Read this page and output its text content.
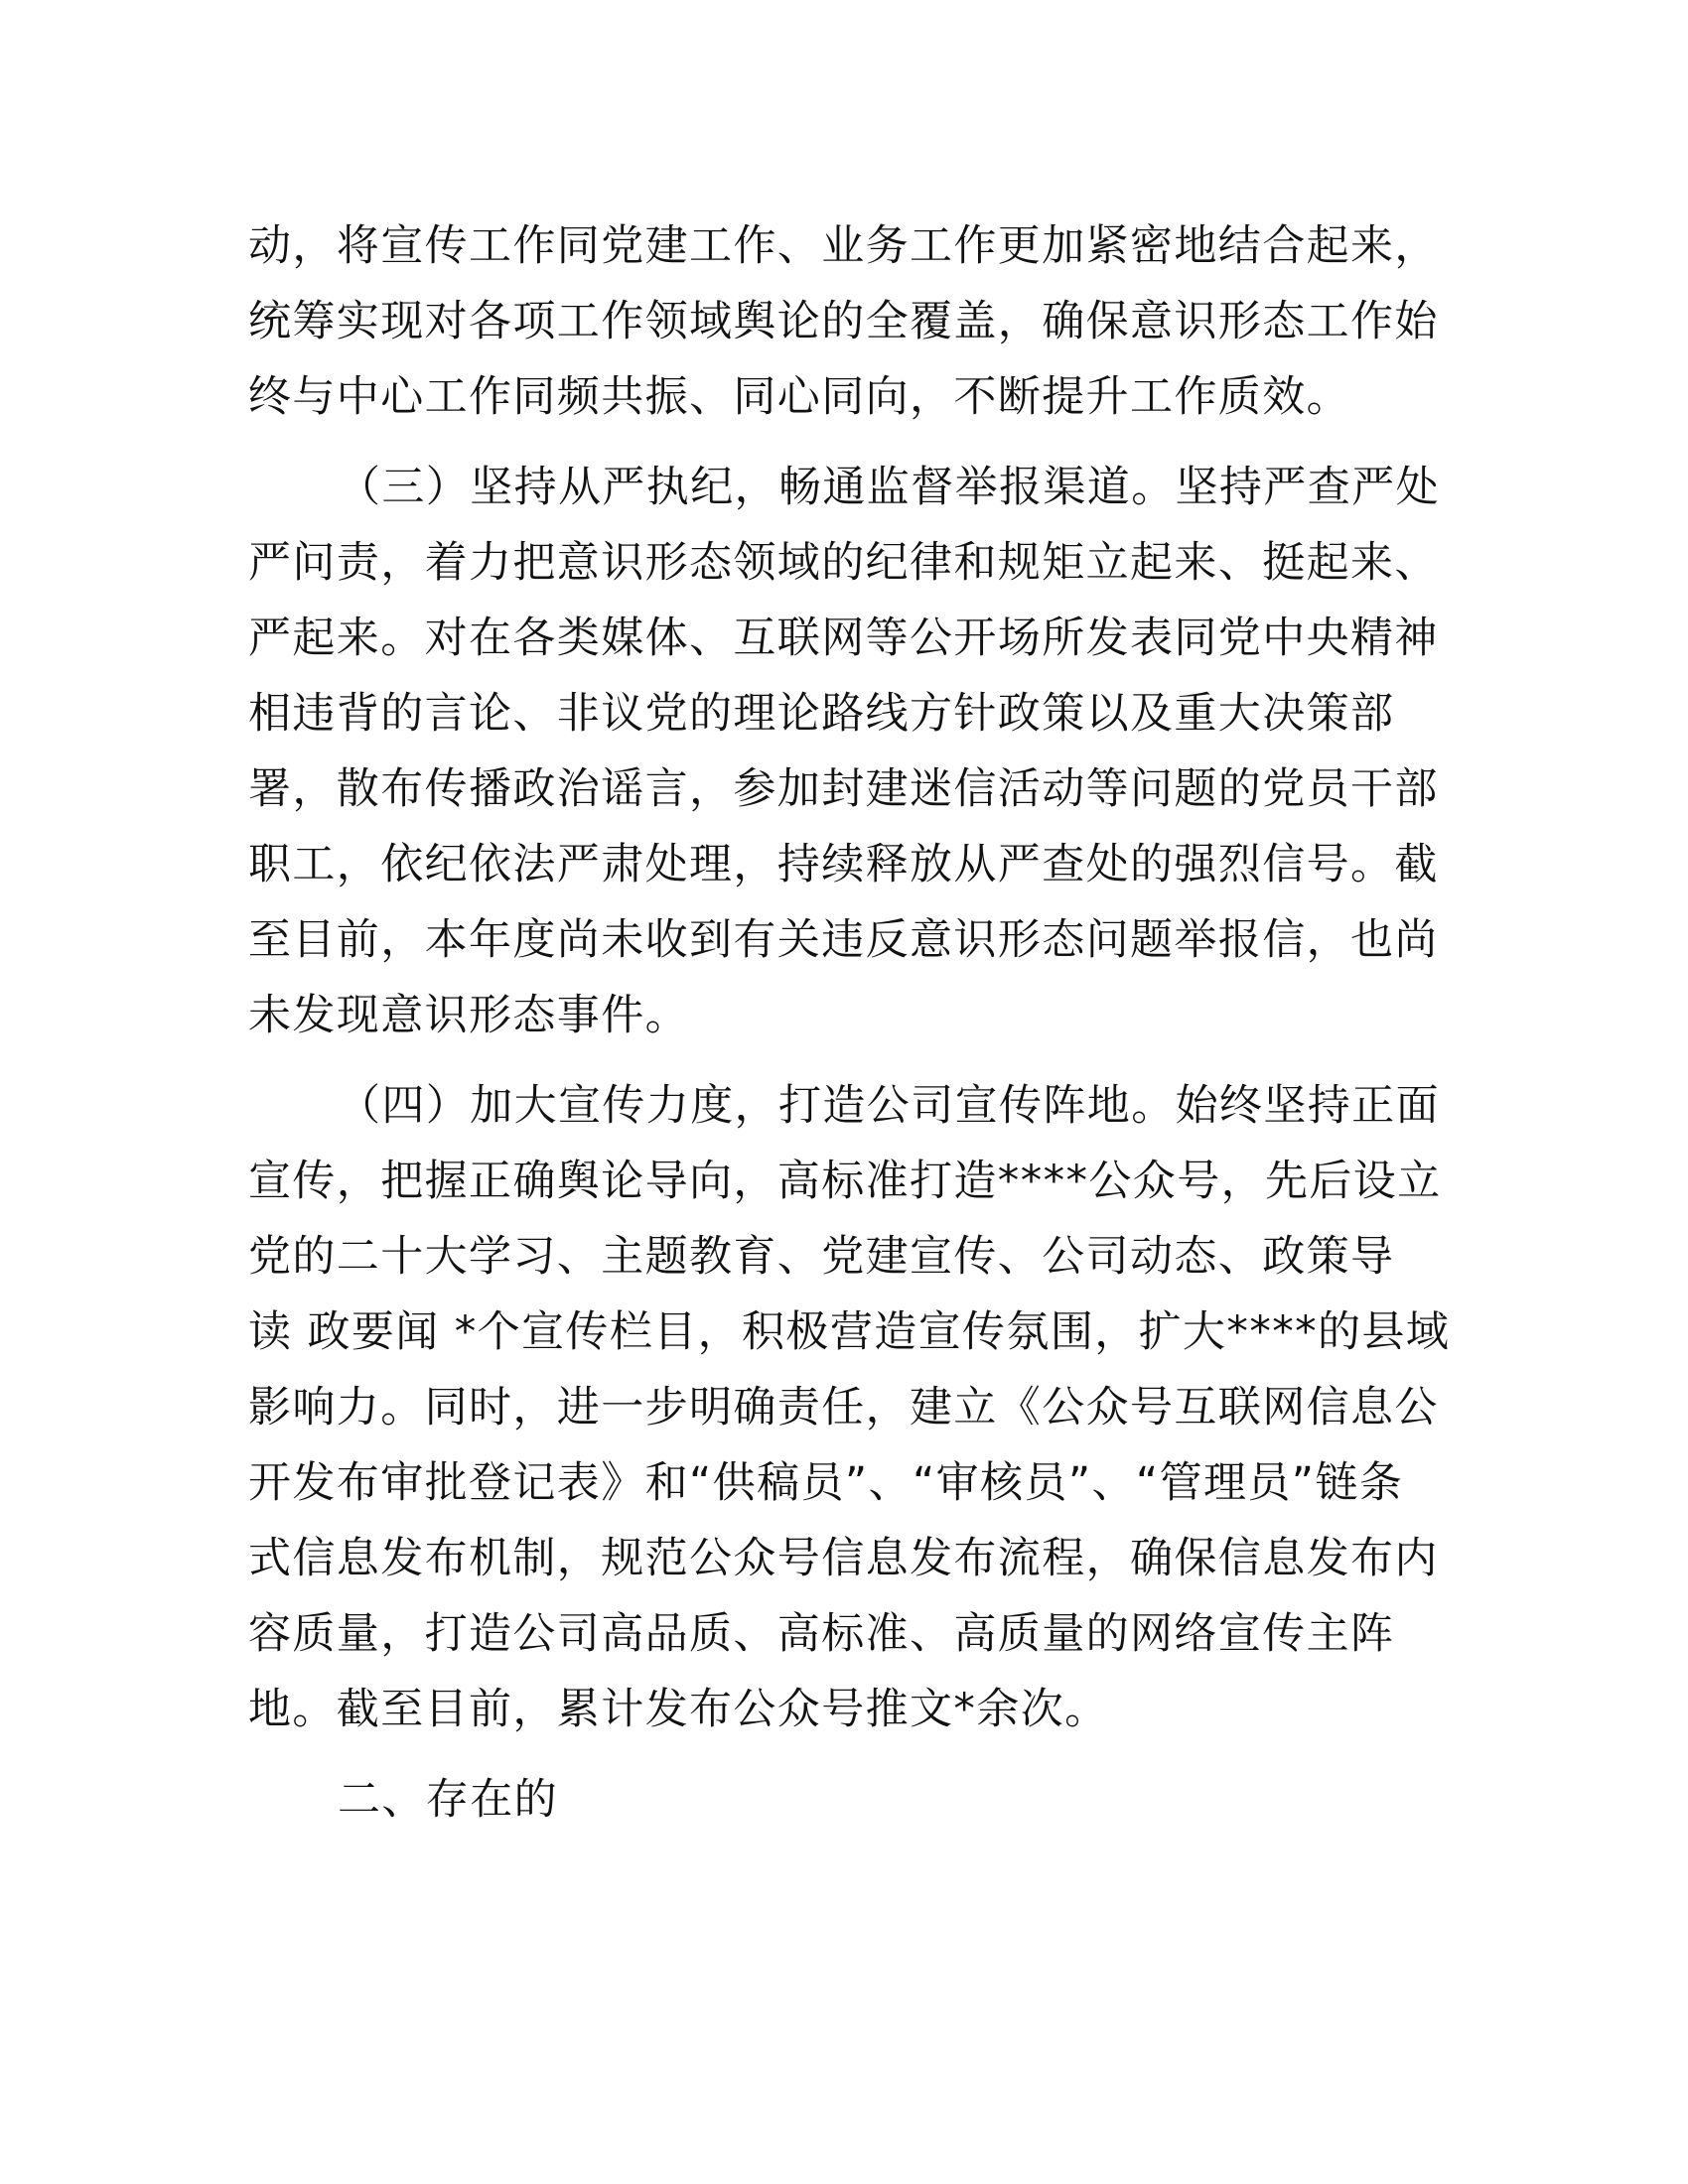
动，将宣传工作同党建工作、业务工作更加紧密地结合起来，
统筹实现对各项工作领域舆论的全覆盖，确保意识形态工作始
终与中心工作同频共振、同心同向，不断提升工作质效。
（三）坚持从严执纪，畅通监督举报渠道。坚持严查严处
严问责，着力把意识形态领域的纪律和规矩立起来、挺起来、
严起来。对在各类媒体、互联网等公开场所发表同党中央精神
相违背的言论、非议党的理论路线方针政策以及重大决策部
署，散布传播政治谣言，参加封建迷信活动等问题的党员干部
职工，依纪依法严肃处理，持续释放从严查处的强烈信号。截
至目前，本年度尚未收到有关违反意识形态问题举报信，也尚
未发现意识形态事件。
（四）加大宣传力度，打造公司宣传阵地。始终坚持正面
宣传，把握正确舆论导向，高标准打造****公众号，先后设立
党的二十大学习、主题教育、党建宣传、公司动态、政策导
读 政要闻 *个宣传栏目，积极营造宣传氛围，扩大****的县域
影响力。同时，进一步明确责任，建立《公众号互联网信息公
开发布审批登记表》和“供稿员”、“审核员”、“管理员”链条
式信息发布机制，规范公众号信息发布流程，确保信息发布内
容质量，打造公司高品质、高标准、高质量的网络宣传主阵
地。截至目前，累计发布公众号推文*余次。
二、存在的
